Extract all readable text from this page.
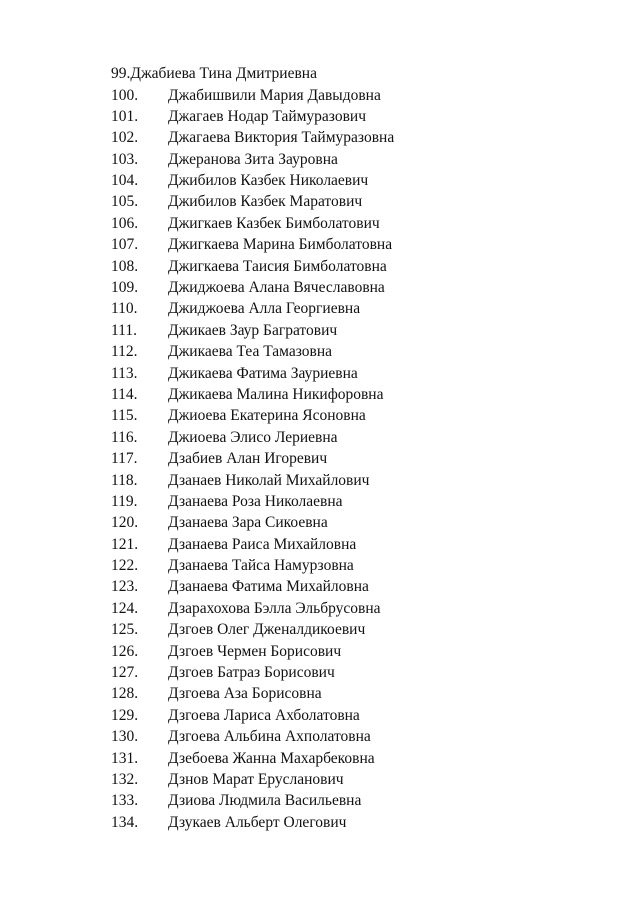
99.Джабиева Тина Дмитриевна
100.	Джабишвили Мария Давыдовна
101.	Джагаев Нодар Таймуразович
102.	Джагаева Виктория Таймуразовна
103.	Джеранова Зита Зауровна
104.	Джибилов Казбек Николаевич
105.	Джибилов Казбек Маратович
106.	Джигкаев Казбек Бимболатович
107.	Джигкаева Марина Бимболатовна
108.	Джигкаева Таисия Бимболатовна
109.	Джиджоева Алана Вячеславовна
110.	Джиджоева Алла Георгиевна
111.	Джикаев Заур Багратович
112.	Джикаева Теа Тамазовна
113.	Джикаева Фатима Зауриевна
114.	Джикаева Малина Никифоровна
115.	Джиоева Екатерина Ясоновна
116.	Джиоева Элисо Лериевна
117.	Дзабиев Алан Игоревич
118.	Дзанаев Николай Михайлович
119.	Дзанаева Роза Николаевна
120.	Дзанаева Зара Сикоевна
121.	Дзанаева Раиса Михайловна
122.	Дзанаева Тайса Намурзовна
123.	Дзанаева Фатима Михайловна
124.	Дзарахохова Бэлла Эльбрусовна
125.	Дзгоев Олег Дженалдикоевич
126.	Дзгоев Чермен Борисович
127.	Дзгоев Батраз Борисович
128.	Дзгоева Аза Борисовна
129.	Дзгоева Лариса Ахболатовна
130.	Дзгоева Альбина Ахполатовна
131.	Дзебоева Жанна Махарбековна
132.	Дзнов Марат Ерусланович
133.	Дзиова Людмила Васильевна
134.	Дзукаев Альберт Олегович
